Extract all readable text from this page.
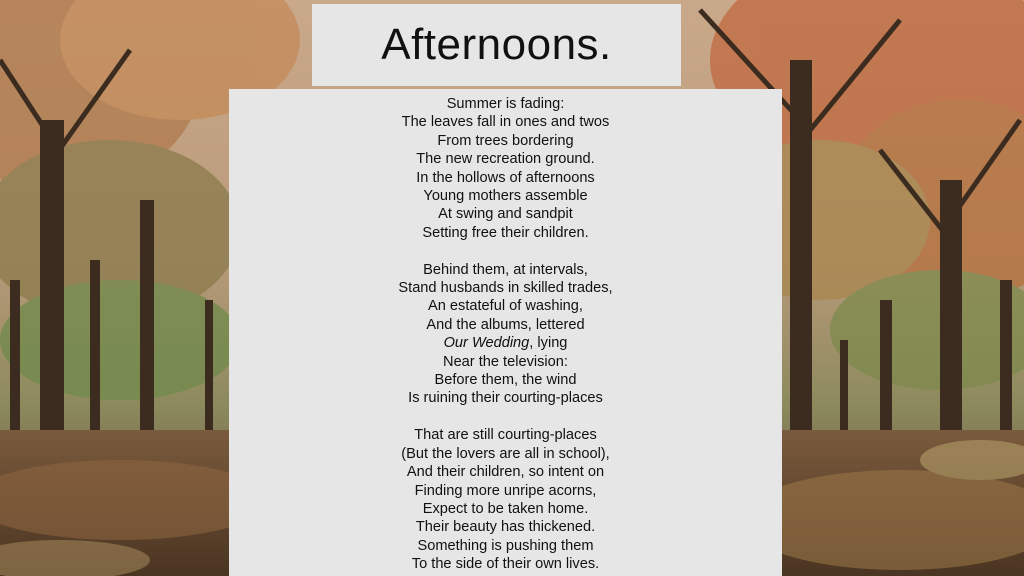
Afternoons.
Summer is fading:
The leaves fall in ones and twos
From trees bordering
The new recreation ground.
In the hollows of afternoons
Young mothers assemble
At swing and sandpit
Setting free their children.
Behind them, at intervals,
Stand husbands in skilled trades,
An estateful of washing,
And the albums, lettered
Our Wedding, lying
Near the television:
Before them, the wind
Is ruining their courting-places
That are still courting-places
(But the lovers are all in school),
And their children, so intent on
Finding more unripe acorns,
Expect to be taken home.
Their beauty has thickened.
Something is pushing them
To the side of their own lives.
